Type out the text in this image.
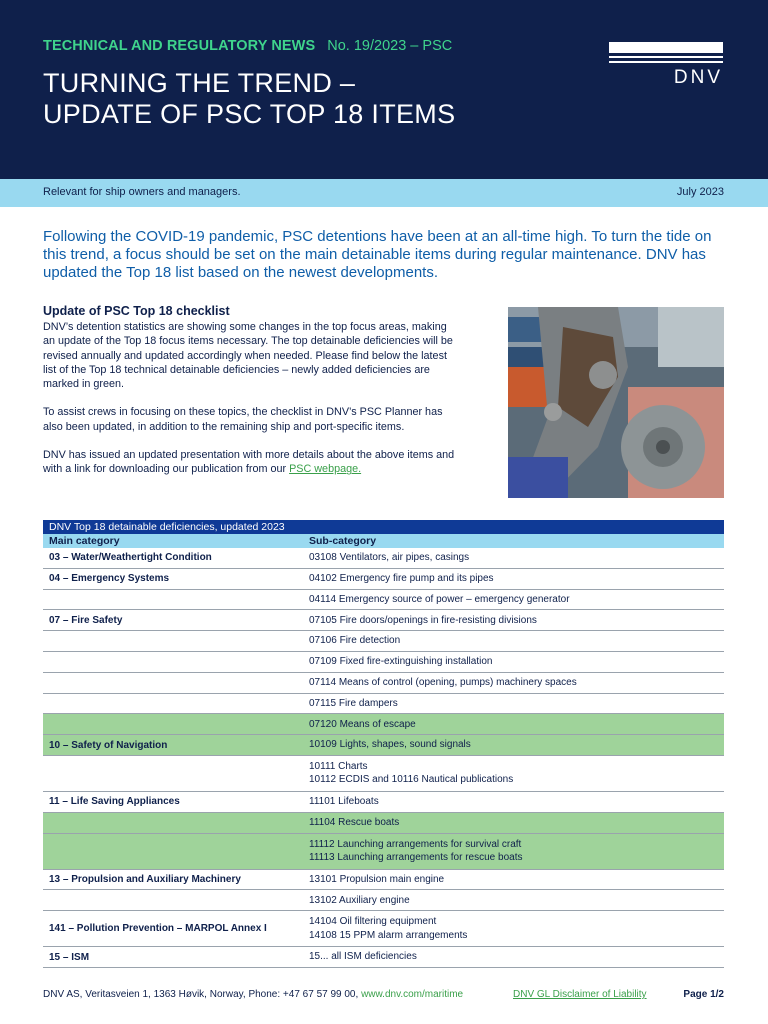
TECHNICAL AND REGULATORY NEWS No. 19/2023 – PSC
TURNING THE TREND –
UPDATE OF PSC TOP 18 ITEMS
DNV
Relevant for ship owners and managers.	July 2023
Following the COVID-19 pandemic, PSC detentions have been at an all-time high. To turn the tide on this trend, a focus should be set on the main detainable items during regular maintenance. DNV has updated the Top 18 list based on the newest developments.
Update of PSC Top 18 checklist

DNV’s detention statistics are showing some changes in the top focus areas, making an update of the Top 18 focus items necessary. The top detainable deficiencies will be revised annually and updated accordingly when needed. Please find below the latest list of the Top 18 technical detainable deficiencies – newly added deficiencies are marked in green.

To assist crews in focusing on these topics, the checklist in DNV’s PSC Planner has also been updated, in addition to the remaining ship and port-specific items.

DNV has issued an updated presentation with more details about the above items and with a link for downloading our publication from our PSC webpage.

DNV Top 18 detainable deficiencies, updated 2023
Main category	Sub-category
03 – Water/Weathertight Condition	03108 Ventilators, air pipes, casings
04 – Emergency Systems	04102 Emergency fire pump and its pipes
04114 Emergency source of power – emergency generator
07 – Fire Safety	07105 Fire doors/openings in fire-resisting divisions
07106 Fire detection
07109 Fixed fire-extinguishing installation
07114 Means of control (opening, pumps) machinery spaces
07115 Fire dampers
07120 Means of escape
10 – Safety of Navigation	10109 Lights, shapes, sound signals
10111 Charts
10112 ECDIS and 10116 Nautical publications
11 – Life Saving Appliances	11101 Lifeboats
11104 Rescue boats
11112 Launching arrangements for survival craft
11113 Launching arrangements for rescue boats
13 – Propulsion and Auxiliary Machinery	13101 Propulsion main engine
13102 Auxiliary engine
141 – Pollution Prevention – MARPOL Annex I
14104 Oil filtering equipment
14108 15 PPM alarm arrangements
15 – ISM	15... all ISM deficiencies
DNV AS, Veritasveien 1, 1363 Høvik, Norway, Phone: +47 67 57 99 00, www.dnv.com/maritime	DNV GL Disclaimer of Liability	Page 1/2
